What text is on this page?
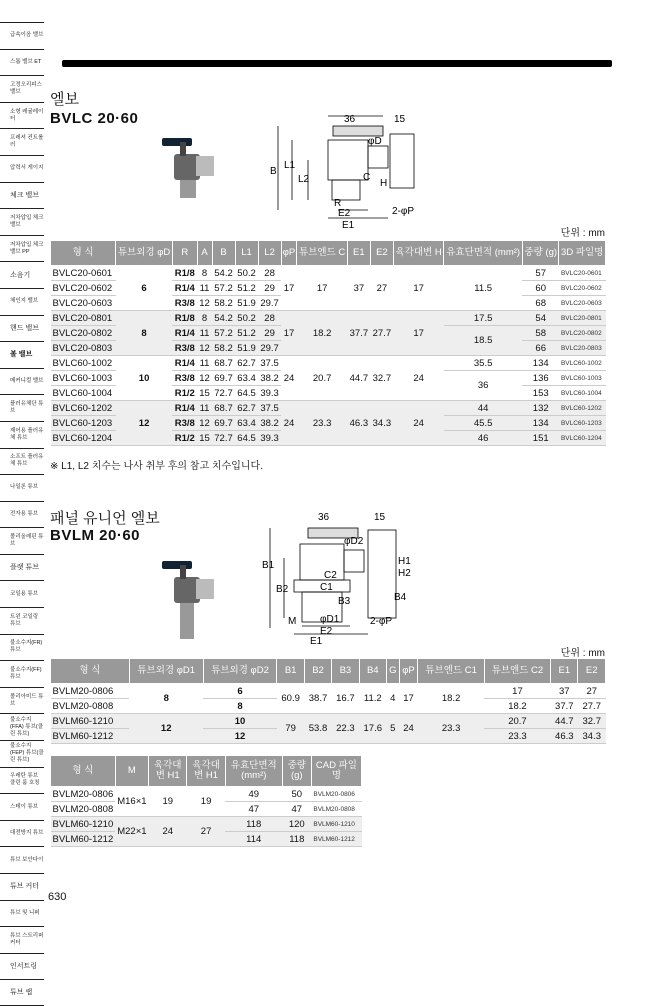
급속이음 밸브
스톱 밸브 ET
고정오리피스 밸브
소형 레귤레이터
프레셔 컨트롤러
압력서 게이지
체크 밸브
저차압입 체크 밸브
저차압입 체크 밸브 PP
소음기
체인지 밸브
핸드 밸브
볼 밸브
메커니컬 밸브
플러유체단 튜브
제어용 플러유체 튜브
소프트 플러유체 튜브
나일론 튜브
전자용 튜브
폴리올레핀 튜브
플랫 튜브
코일용 튜브
트윈 코일링 튜브
불소수지(FR) 튜브
불소수지(FF) 튜브
폴리아미드 튜브
불소수지(FFA) 튜브(클린 튜브)
불소수지(FEP) 튜브(클린 튜브)
우레탄 튜브 클린 룸 호칭
스테이 튜브
대전방지 튜브
튜브 보안다이
튜브 커터
튜브 및 니퍼
튜브 스트리퍼 커터
인서트링
튜브 랩
엘보
BVLC 20·60	36	15
B
L1
L2
φD
C
H
R
E2
E1
2-φP
단위 : mm
형 식	튜브외경 φD	R	A	B	L1	L2	φP	튜브엔드 C	E1	E2	육각대변 H	유효단면적 (mm²)	중량 (g)	3D 파일명
BVLC20-0601	6	R1/8	8	54.2	50.2	28	17	17	37	27	17	11.5	57	BVLC20-0601
BVLC20-0602		R1/4	11	57.2	51.2	29							60	BVLC20-0602
BVLC20-0603		R3/8	12	58.2	51.9	29.7							68	BVLC20-0603
BVLC20-0801	8	R1/8	8	54.2	50.2	28	17	18.2	37.7	27.7	17	17.5	54	BVLC20-0801
BVLC20-0802		R1/4	11	57.2	51.2	29						18.5	58	BVLC20-0802
BVLC20-0803		R3/8	12	58.2	51.9	29.7							66	BVLC20-0803
BVLC60-1002	10	R1/4	11	68.7	62.7	37.5	24	20.7	44.7	32.7	24	35.5	134	BVLC60-1002
BVLC60-1003		R3/8	12	69.7	63.4	38.2						36	136	BVLC60-1003
BVLC60-1004		R1/2	15	72.7	64.5	39.3							153	BVLC60-1004
BVLC60-1202	12	R1/4	11	68.7	62.7	37.5	24	23.3	46.3	34.3	24	44	132	BVLC60-1202
BVLC60-1203		R3/8	12	69.7	63.4	38.2						45.5	134	BVLC60-1203
BVLC60-1204		R1/2	15	72.7	64.5	39.3						46	151	BVLC60-1204
※ L1, L2 치수는 나사 취부 후의 참고 치수입니다.
패널 유니언 엘보
BVLM 20·60
36	15
B1
B2
φD2
C2
C1
H1
H2
B3	B4
M φD1
E2
E1
2-φP
단위 : mm
형 식	튜브외경 φD1	튜브외경 φD2	B1	B2	B3	B4	G	φP	튜브엔드 C1	튜브엔드 C2	E1	E2
BVLM20-0806	8	6	60.9	38.7	16.7	11.2	4	17	18.2	17	37	27
BVLM20-0808		8								18.2	37.7	27.7
BVLM60-1210	12	10	79	53.8	22.3	17.6	5	24	23.3	20.7	44.7	32.7
BVLM60-1212		12								23.3	46.3	34.3
형 식	M	육각대변 H1	육각대변 H1	유효단면적 (mm²)	중량 (g)	CAD 파일명
BVLM20-0806	M16×1	19	19	49	50	BVLM20-0806
BVLM20-0808				47	47	BVLM20-0808
BVLM60-1210	M22×1	24	27	118	120	BVLM60-1210
BVLM60-1212				114	118	BVLM60-1212
630
